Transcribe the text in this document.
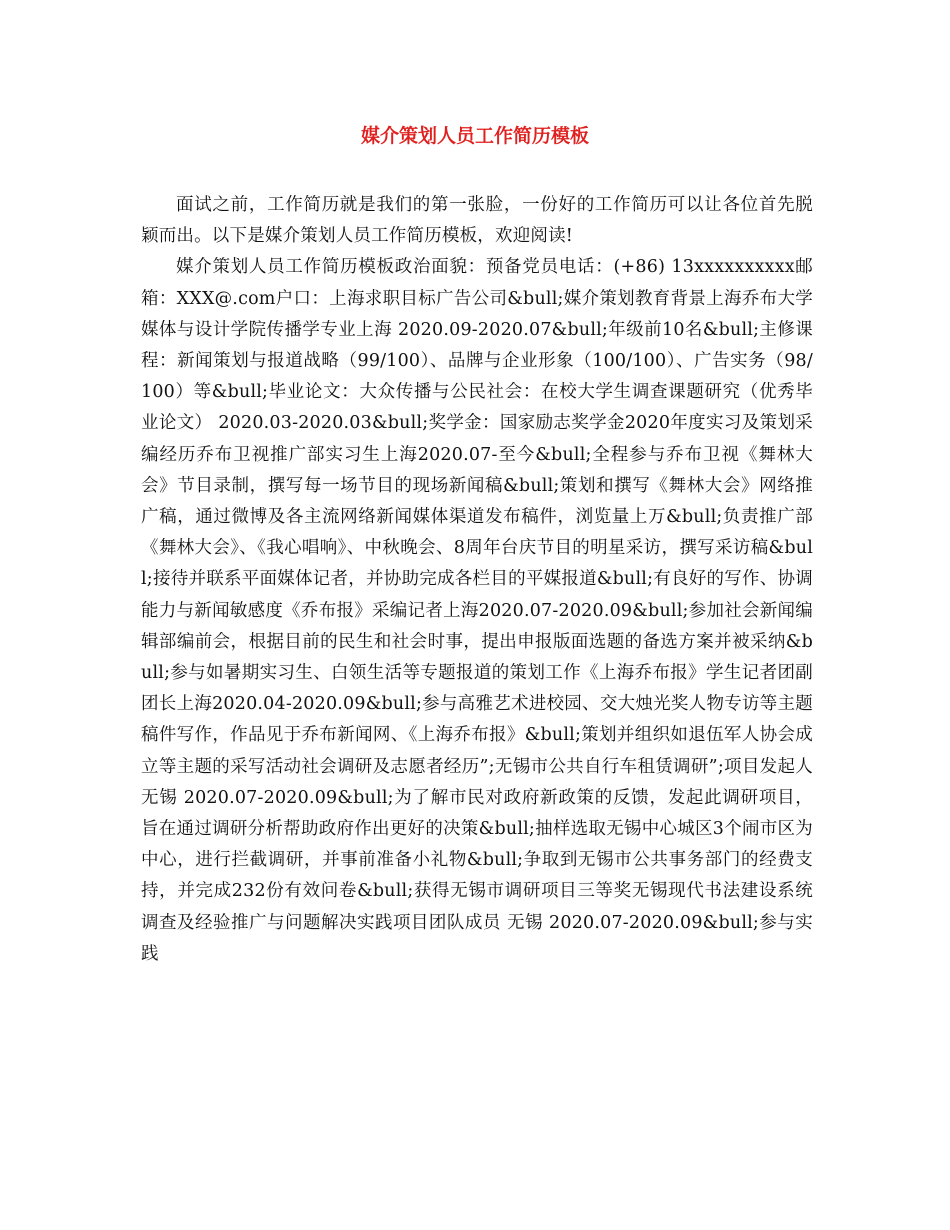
媒介策划人员工作简历模板

面试之前，工作简历就是我们的第一张脸，一份好的工作简历可以让各位首先脱颖而出。以下是媒介策划人员工作简历模板，欢迎阅读!

媒介策划人员工作简历模板政治面貌：预备党员电话：(+86) 13xxxxxxxxxx邮箱：XXX@.com户口：上海求职目标广告公司&bull;媒介策划教育背景上海乔布大学媒体与设计学院传播学专业上海 2020.09-2020.07&bull;年级前10名&bull;主修课程：新闻策划与报道战略（99/100）、品牌与企业形象（100/100）、广告实务（98/100）等&bull;毕业论文：大众传播与公民社会：在校大学生调查课题研究（优秀毕业论文） 2020.03-2020.03&bull;奖学金：国家励志奖学金2020年度实习及策划采编经历乔布卫视推广部实习生上海2020.07-至今&bull;全程参与乔布卫视《舞林大会》节目录制，撰写每一场节目的现场新闻稿&bull;策划和撰写《舞林大会》网络推广稿，通过微博及各主流网络新闻媒体渠道发布稿件，浏览量上万&bull;负责推广部《舞林大会》、《我心唱响》、中秋晚会、8周年台庆节目的明星采访，撰写采访稿&bull;接待并联系平面媒体记者，并协助完成各栏目的平媒报道&bull;有良好的写作、协调能力与新闻敏感度《乔布报》采编记者上海2020.07-2020.09&bull;参加社会新闻编辑部编前会，根据目前的民生和社会时事，提出申报版面选题的备选方案并被采纳&bull;参与如暑期实习生、白领生活等专题报道的策划工作《上海乔布报》学生记者团副团长上海2020.04-2020.09&bull;参与高雅艺术进校园、交大烛光奖人物专访等主题稿件写作，作品见于乔布新闻网、《上海乔布报》&bull;策划并组织如退伍军人协会成立等主题的采写活动社会调研及志愿者经历”;无锡市公共自行车租赁调研”;项目发起人无锡 2020.07-2020.09&bull;为了解市民对政府新政策的反馈，发起此调研项目，旨在通过调研分析帮助政府作出更好的决策&bull;抽样选取无锡中心城区3个闹市区为中心，进行拦截调研，并事前准备小礼物&bull;争取到无锡市公共事务部门的经费支持，并完成232份有效问卷&bull;获得无锡市调研项目三等奖无锡现代书法建设系统调查及经验推广与问题解决实践项目团队成员 无锡 2020.07-2020.09&bull;参与实践
